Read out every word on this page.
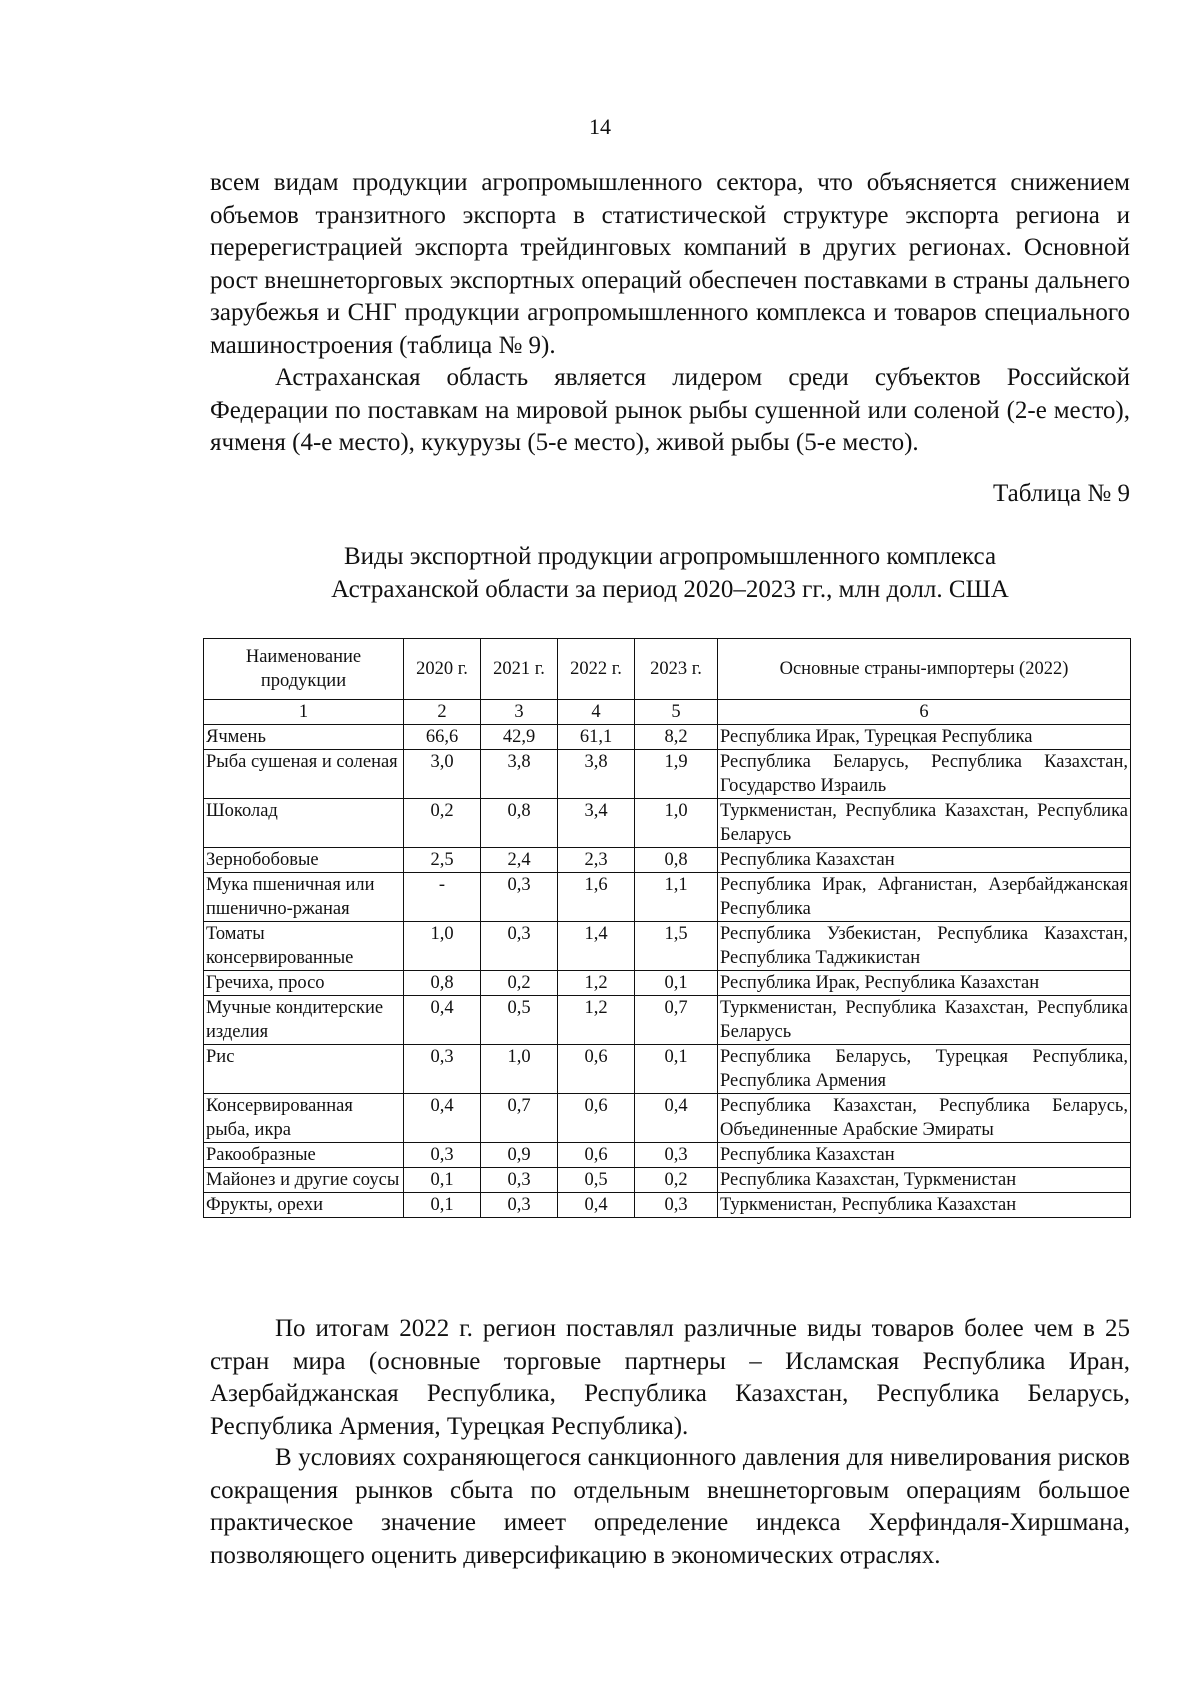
14

всем видам продукции агропромышленного сектора, что объясняется снижением объемов транзитного экспорта в статистической структуре экспорта региона и перерегистрацией экспорта трейдинговых компаний в других регионах. Основной рост внешнеторговых экспортных операций обеспечен поставками в страны дальнего зарубежья и СНГ продукции агропромышленного комплекса и товаров специального машиностроения (таблица № 9).

Астраханская область является лидером среди субъектов Российской Федерации по поставкам на мировой рынок рыбы сушенной или соленой (2-е место), ячменя (4-е место), кукурузы (5-е место), живой рыбы (5-е место).

Таблица № 9
Виды экспортной продукции агропромышленного комплекса
Астраханской области за период 2020–2023 гг., млн долл. США
Наименование продукции	2020 г.	2021 г.	2022 г.	2023 г.	Основные страны-импортеры (2022)
1	2	3	4	5	6
Ячмень	66,6	42,9	61,1	8,2	Республика Ирак, Турецкая Республика
Рыба сушеная и соленая	3,0	3,8	3,8	1,9	Республика Беларусь, Республика Казахстан, Государство Израиль
Шоколад	0,2	0,8	3,4	1,0	Туркменистан, Республика Казахстан, Республика Беларусь
Зернобобовые	2,5	2,4	2,3	0,8	Республика Казахстан
Мука пшеничная или пшенично-ржаная	-	0,3	1,6	1,1	Республика Ирак, Афганистан, Азербайджанская Республика
Томаты консервированные	1,0	0,3	1,4	1,5	Республика Узбекистан, Республика Казахстан, Республика Таджикистан
Гречиха, просо	0,8	0,2	1,2	0,1	Республика Ирак, Республика Казахстан
Мучные кондитерские изделия	0,4	0,5	1,2	0,7	Туркменистан, Республика Казахстан, Республика Беларусь
Рис	0,3	1,0	0,6	0,1	Республика Беларусь, Турецкая Республика, Республика Армения
Консервированная рыба, икра	0,4	0,7	0,6	0,4	Республика Казахстан, Республика Беларусь, Объединенные Арабские Эмираты
Ракообразные	0,3	0,9	0,6	0,3	Республика Казахстан
Майонез и другие соусы	0,1	0,3	0,5	0,2	Республика Казахстан, Туркменистан
Фрукты, орехи	0,1	0,3	0,4	0,3	Туркменистан, Республика Казахстан

По итогам 2022 г. регион поставлял различные виды товаров более чем в 25 стран мира (основные торговые партнеры – Исламская Республика Иран, Азербайджанская Республика, Республика Казахстан, Республика Беларусь, Республика Армения, Турецкая Республика).

В условиях сохраняющегося санкционного давления для нивелирования рисков сокращения рынков сбыта по отдельным внешнеторговым операциям большое практическое значение имеет определение индекса Херфиндаля-Хиршмана, позволяющего оценить диверсификацию в экономических отраслях.
